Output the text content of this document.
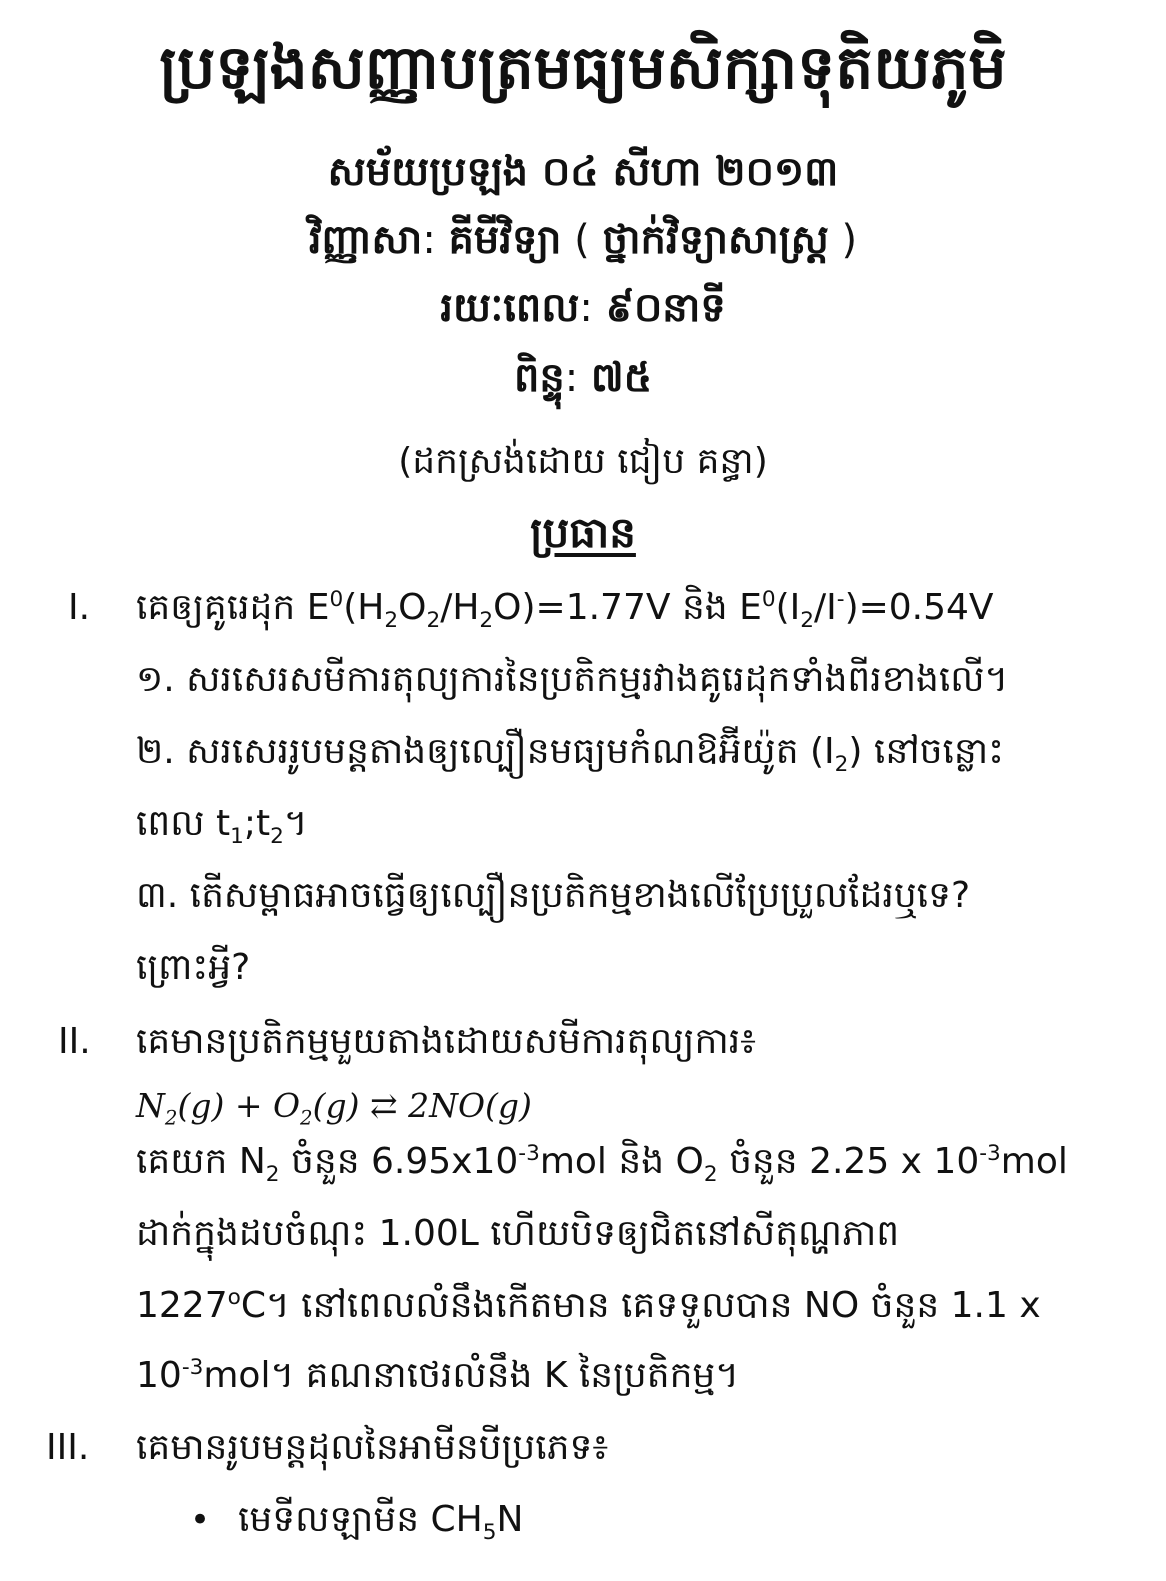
ប្រឡងសញ្ញាបត្រមធ្យមសិក្សាទុតិយភូមិ
សម័យប្រឡង ០៤ សីហា ២០១៣
វិញ្ញាសា: គីមីវិទ្យា ( ថ្នាក់វិទ្យាសាស្ត្រ )
រយៈពេល: ៩០នាទី
ពិន្ទុ: ៧៥
(ដកស្រង់ដោយ ជៀប គន្ធា)
ប្រធាន
I. គេឲ្យគូរេដុក $E^0(H_2O_2/H_2O)=1.77V$ និង $E^0(I_2/I^-)=0.54V$
១. សរសេរសមីការតុល្យការនៃប្រតិកម្មរវាងគូរេដុកទាំងពីរខាងលើ។
២. សរសេររូបមន្តតាងឲ្យល្បឿនមធ្យមកំណឱអ៊ីយ៉ូត $(I_2)$ នៅចន្លោះ
ពេល $t_1;t_2$។
៣. តើសម្ពាធអាចធ្វើឲ្យល្បឿនប្រតិកម្មខាងលើប្រែប្រួលដែរឬទេ?
ព្រោះអ្វី?
II. គេមានប្រតិកម្មមួយតាងដោយសមីការតុល្យការ៖
$N_2(g) + O_2(g)$ ⇄ 2NO(g)
គេយក $N_2$ ចំនួន $6.95x10^{-3}mol$ និង $O_2$ ចំនួន 2.25 x $10^{-3}mol$
ដាក់ក្នុងដបចំណុះ 1.00L ហើយបិទឲ្យជិតនៅសីតុណ្ហភាព
1227$^o$C។ នៅពេលលំនឹងកើតមាន គេទទួលបាន NO ចំនួន 1.1 x
$10^{-3}mol$។ គណនាថេរលំនឹង K នៃប្រតិកម្ម។
III. គេមានរូបមន្តដុលនៃអាមីនបីប្រភេទ៖
• មេទីលឡាមីន $CH_5N$
